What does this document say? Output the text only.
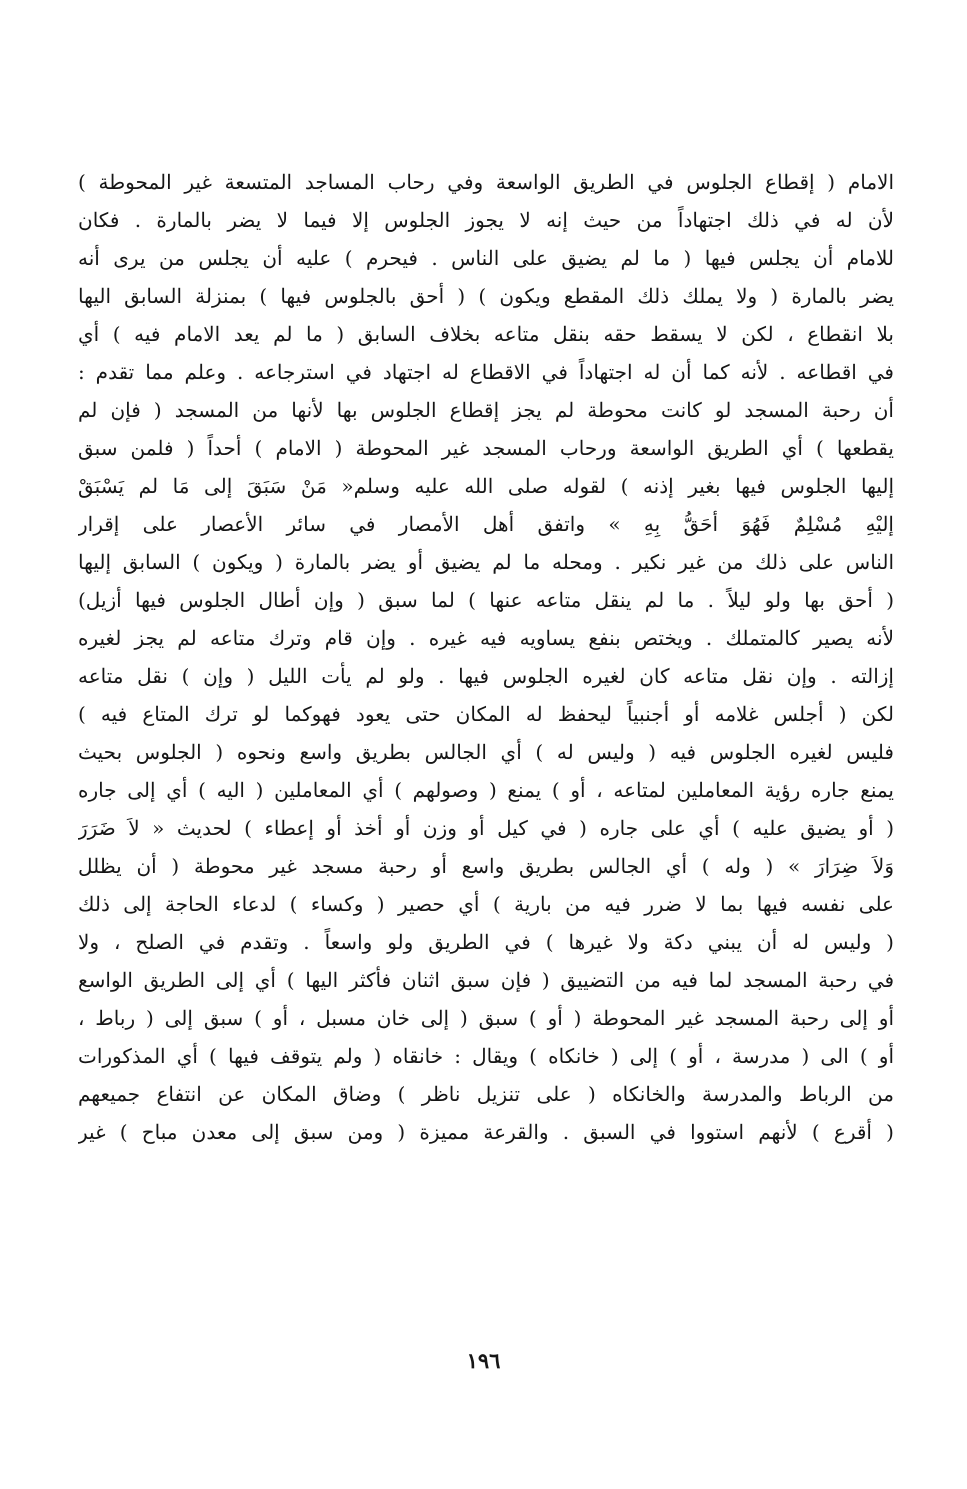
الامام ( إقطاع الجلوس في الطريق الواسعة وفي رحاب المساجد المتسعة غير المحوطة )
لأن له في ذلك اجتهاداً من حيث إنه لا يجوز الجلوس إلا فيما لا يضر بالمارة . فكان
للامام أن يجلس فيها ( ما لم يضيق على الناس . فيحرم ) عليه أن يجلس من يرى أنه
يضر بالمارة ( ولا يملك ذلك المقطع ويكون ) ( أحق بالجلوس فيها ) بمنزلة السابق اليها
بلا انقطاع ، لكن لا يسقط حقه بنقل متاعه بخلاف السابق ( ما لم يعد الامام فيه ) أي
في اقطاعه . لأنه كما أن له اجتهاداً في الاقطاع له اجتهاد في استرجاعه . وعلم مما تقدم :
أن رحبة المسجد لو كانت محوطة لم يجز إقطاع الجلوس بها لأنها من المسجد ( فإن لم
يقطعها ) أي الطريق الواسعة ورحاب المسجد غير المحوطة ( الامام ) أحداً ( فلمن سبق
إليها الجلوس فيها بغير إذنه ) لقوله صلى الله عليه وسلم« مَنْ سَبَقَ إلى مَا لم يَسْبَقْ
إليْهِ مُسْلِمٌ فَهُوَ أحَقُّ بِهِ » واتفق أهل الأمصار في سائر الأعصار على إقرار
الناس على ذلك من غير نكير . ومحله ما لم يضيق أو يضر بالمارة ( ويكون ) السابق إليها
( أحق بها ولو ليلاً . ما لم ينقل متاعه عنها ) لما سبق ( وإن أطال الجلوس فيها أزيل)
لأنه يصير كالمتملك . ويختص بنفع يساويه فيه غيره . وإن قام وترك متاعه لم يجز لغيره
إزالته . وإن نقل متاعه كان لغيره الجلوس فيها . ولو لم يأت الليل ( وإن ) نقل متاعه
لكن ( أجلس غلامه أو أجنبياً ليحفظ له المكان حتى يعود فهوكما لو ترك المتاع فيه )
فليس لغيره الجلوس فيه ( وليس له ) أي الجالس بطريق واسع ونحوه ( الجلوس بحيث
يمنع جاره رؤية المعاملين لمتاعه ، أو ) يمنع ( وصولهم ) أي المعاملين ( اليه ) أي إلى جاره
( أو يضيق عليه ) أي على جاره ( في كيل أو وزن أو أخذ أو إعطاء ) لحديث « لاَ ضَرَرَ
وَلاَ ضِرَارَ » ( وله ) أي الجالس بطريق واسع أو رحبة مسجد غير محوطة ( أن يظلل
على نفسه فيها بما لا ضرر فيه من بارية ) أي حصير ( وكساء ) لدعاء الحاجة إلى ذلك
( وليس له أن يبني دكة ولا غيرها ) في الطريق ولو واسعاً . وتقدم في الصلح ، ولا
في رحبة المسجد لما فيه من التضييق ( فإن سبق اثنان فأكثر اليها ) أي إلى الطريق الواسع
أو إلى رحبة المسجد غير المحوطة ( أو ) سبق ( إلى خان مسبل ، أو ) سبق إلى ( رباط ،
أو ) الى ( مدرسة ، أو ) إلى ( خانكاه ) ويقال : خانقاه ( ولم يتوقف فيها ) أي المذكورات
من الرباط والمدرسة والخانكاه ( على تنزيل ناظر ) وضاق المكان عن انتفاع جميعهم
( أقرع ) لأنهم استووا في السبق . والقرعة مميزة ( ومن سبق إلى معدن مباح ) غير
١٩٦
